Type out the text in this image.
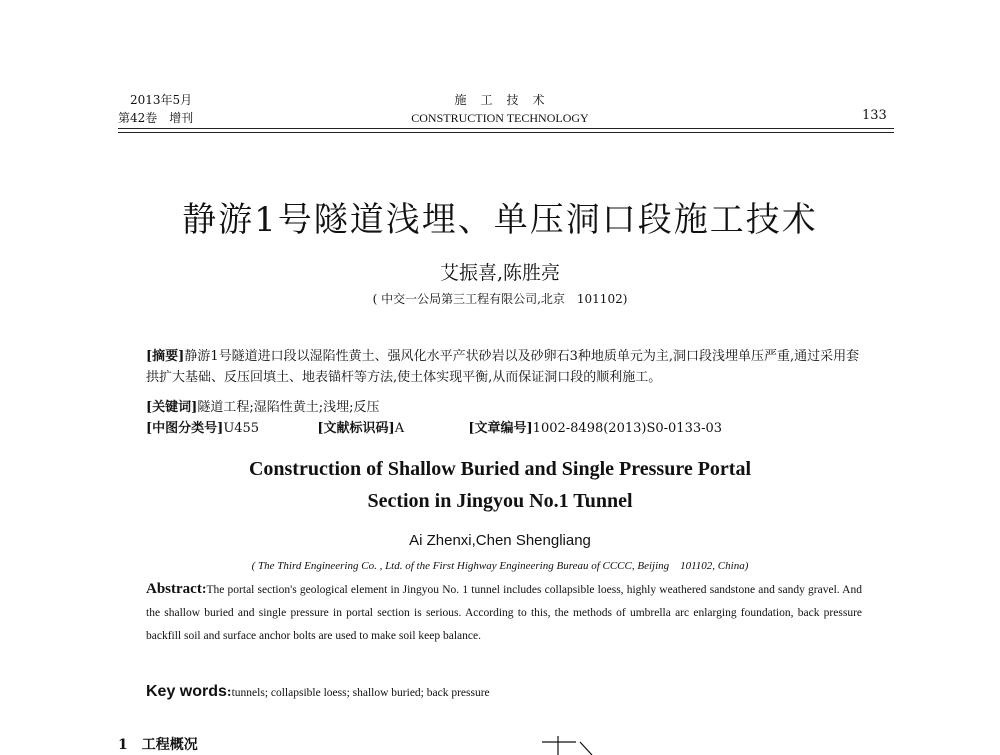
2013年5月
第42卷　增刊
施　工　技　术
CONSTRUCTION TECHNOLOGY	133
静游1号隧道浅埋、单压洞口段施工技术
艾振喜,陈胜亮
( 中交一公局第三工程有限公司,北京　101102)
[摘要]静游1号隧道进口段以湿陷性黄土、强风化水平产状砂岩以及砂卵石3种地质单元为主,洞口段浅埋单压严重,通过采用套拱扩大基础、反压回填土、地表锚杆等方法,使土体实现平衡,从而保证洞口段的顺利施工。
[关键词]隧道工程;湿陷性黄土;浅埋;反压
[中图分类号]U455	[文献标识码]A	[文章编号]1002-8498(2013)S0-0133-03
Construction of Shallow Buried and Single Pressure Portal
Section in Jingyou No.1 Tunnel
Ai Zhenxi,Chen Shengliang
( The Third Engineering Co. , Ltd. of the First Highway Engineering Bureau of CCCC, Beijing　101102, China)
Abstract:The portal section's geological element in Jingyou No. 1 tunnel includes collapsible loess, highly weathered sandstone and sandy gravel. And the shallow buried and single pressure in portal section is serious. According to this, the methods of umbrella arc enlarging foundation, back pressure backfill soil and surface anchor bolts are used to make soil keep balance.
Key words:tunnels; collapsible loess; shallow buried; back pressure
1　工程概况
